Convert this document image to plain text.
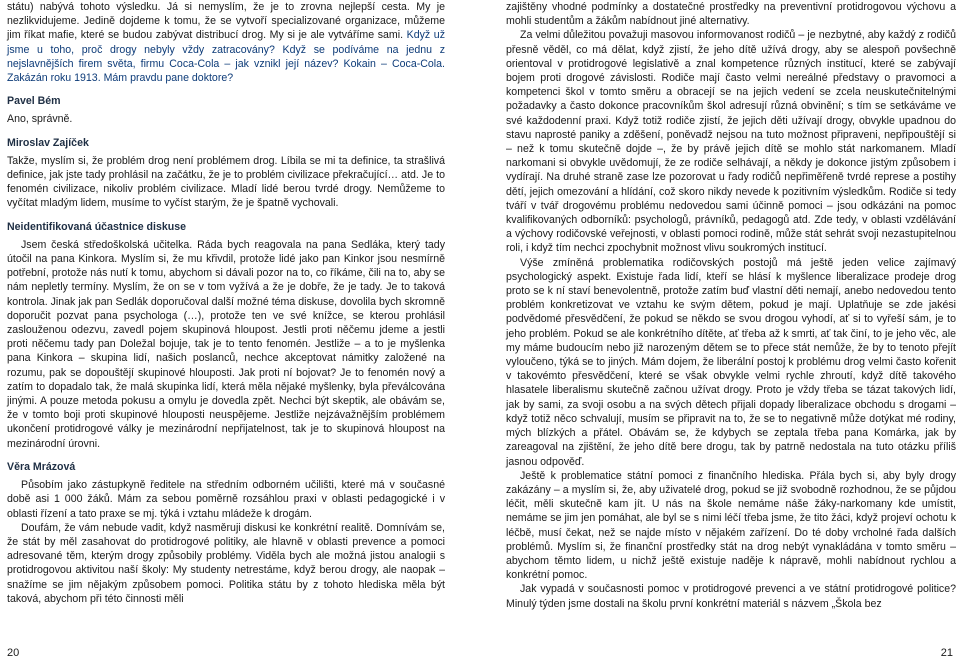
státu) nabývá tohoto výsledku. Já si nemyslím, že je to zrovna nejlepší cesta. My je nezlikvidujeme. Jedině dojdeme k tomu, že se vytvoří specializované organizace, můžeme jim říkat mafie, které se budou zabývat distribucí drog. My si je ale vytváříme sami. Když už jsme u toho, proč drogy nebyly vždy zatracovány? Když se podíváme na jednu z nejslavnějších firem světa, firmu Coca-Cola – jak vznikl její název? Kokain – Coca-Cola. Zakázán roku 1913. Mám pravdu pane doktore?

Pavel Bém

Ano, správně.

Miroslav Zajíček

Takže, myslím si, že problém drog není problémem drog. Líbila se mi ta definice, ta strašlivá definice, jak jste tady prohlásil na začátku, že je to problém civilizace překračující… atd. Je to fenomén civilizace, nikoliv problém civilizace. Mladí lidé berou tvrdé drogy. Nemůžeme to vyčítat mladým lidem, musíme to vyčíst starým, že je špatně vychovali.

Neidentifikovaná účastnice diskuse

Jsem česká středoškolská učitelka. Ráda bych reagovala na pana Sedláka, který tady útočil na pana Kinkora. Myslím si, že mu křivdil, protože lidé jako pan Kinkor jsou nesmírně potřební, protože nás nutí k tomu, abychom si dávali pozor na to, co říkáme, čili na to, aby se nám nepletly termíny. Myslím, že on se v tom vyžívá a že je dobře, že je tady. Je to taková kontrola. Jinak jak pan Sedlák doporučoval další možné téma diskuse, dovolila bych skromně doporučit pozvat pana psychologa (…), protože ten ve své knížce, se kterou prohlásil zaslouženou odezvu, zavedl pojem skupinová hloupost. Jestli proti něčemu jdeme a jestli proti něčemu tady pan Doležal bojuje, tak je to tento fenomén. Jestliže – a to je myšlenka pana Kinkora – skupina lidí, našich poslanců, nechce akceptovat námitky založené na rozumu, pak se dopouštějí skupinové hlouposti. Jak proti ní bojovat? Je to fenomén nový a zatím to dopadalo tak, že malá skupinka lidí, která měla nějaké myšlenky, byla převálcována jinými. A pouze metoda pokusu a omylu je dovedla zpět. Nechci být skeptik, ale obávám se, že v tomto boji proti skupinové hlouposti neuspějeme. Jestliže nejzávažnějším problémem ukončení protidrogové války je mezinárodní nepřijatelnost, tak je to skupinová hloupost na mezinárodní úrovni.

Věra Mrázová

Působím jako zástupkyně ředitele na středním odborném učilišti, které má v současné době asi 1 000 žáků. Mám za sebou poměrně rozsáhlou praxi v oblasti pedagogické i v oblasti řízení a tato praxe se mj. týká i vztahu mládeže k drogám.

Doufám, že vám nebude vadit, když nasměruji diskusi ke konkrétní realitě. Domnívám se, že stát by měl zasahovat do protidrogové politiky, ale hlavně v oblasti prevence a pomoci adresované těm, kterým drogy způsobily problémy. Viděla bych ale možná jistou analogii s protidrogovou aktivitou naší školy: My studenty netrestáme, když berou drogy, ale naopak – snažíme se jim nějakým způsobem pomoci. Politika státu by z tohoto hlediska měla být taková, abychom při této činnosti měli

zajištěny vhodné podmínky a dostatečné prostředky na preventivní protidrogovou výchovu a mohli studentům a žákům nabídnout jiné alternativy.

Za velmi důležitou považuji masovou informovanost rodičů – je nezbytné, aby každý z rodičů přesně věděl, co má dělat, když zjistí, že jeho dítě užívá drogy, aby se alespoň povšechně orientoval v protidrogové legislativě a znal kompetence různých institucí, které se zabývají bojem proti drogové závislosti. Rodiče mají často velmi nereálné představy o pravomoci a kompetenci škol v tomto směru a obracejí se na jejich vedení se zcela neuskutečnitelnými požadavky a často dokonce pracovníkům škol adresují různá obvinění; s tím se setkáváme ve své každodenní praxi. Když totiž rodiče zjistí, že jejich děti užívají drogy, obvykle upadnou do stavu naprosté paniky a zděšení, poněvadž nejsou na tuto možnost připraveni, nepřipouštějí si – než k tomu skutečně dojde –, že by právě jejich dítě se mohlo stát narkomanem. Mladí narkomani si obvykle uvědomují, že ze rodiče selhávají, a někdy je dokonce jistým způsobem i vydírají. Na druhé straně zase lze pozorovat u řady rodičů nepřiměřeně tvrdé represe a postihy dětí, jejich omezování a hlídání, což skoro nikdy nevede k pozitivním výsledkům. Rodiče si tedy tváří v tvář drogovému problému nedovedou sami účinně pomoci – jsou odkázáni na pomoc kvalifikovaných odborníků: psychologů, právníků, pedagogů atd. Zde tedy, v oblasti vzdělávání a výchovy rodičovské veřejnosti, v oblasti pomoci rodině, může stát sehrát svoji nezastupitelnou roli, i když tím nechci zpochybnit možnost vlivu soukromých institucí.

Výše zmíněná problematika rodičovských postojů má ještě jeden velice zajímavý psychologický aspekt. Existuje řada lidí, kteří se hlásí k myšlence liberalizace prodeje drog proto se k ní staví benevolentně, protože zatím buď vlastní děti nemají, anebo nedovedou tento problém konkretizovat ve vztahu ke svým dětem, pokud je mají. Uplatňuje se zde jakési podvědomé přesvědčení, že pokud se někdo se svou drogou vyhodí, ať si to vyřeší sám, je to jeho problém. Pokud se ale konkrétního dítěte, ať třeba až k smrti, ať tak činí, to je jeho věc, ale my máme budoucím nebo již narozeným dětem se to přece stát nemůže, že by to tenoto přejít vyloučeno, týká se to jiných. Mám dojem, že liberální postoj k problému drog velmi často kořenit v takovémto přesvědčení, které se však obvykle velmi rychle zhroutí, když dítě takového hlasatele liberalismu skutečně začnou užívat drogy. Proto je vždy třeba se tázat takových lidí, jak by sami, za svoji osobu a na svých dětech přijali dopady liberalizace obchodu s drogami – když totiž něco schvalují, musím se připravit na to, že se to negativně může dotýkat mé rodiny, mých blízkých a přátel. Obávám se, že kdybych se zeptala třeba pana Komárka, jak by zareagoval na zjištění, že jeho dítě bere drogu, tak by patrně nedostala na tuto otázku příliš jasnou odpověď.

Ještě k problematice státní pomoci z finančního hlediska. Přála bych si, aby byly drogy zakázány – a myslím si, že, aby uživatelé drog, pokud se již svobodně rozhodnou, že se půjdou léčit, měli skutečně kam jít. U nás na škole nemáme náše žáky-narkomany kde umístit, nemáme se jim jen pomáhat, ale byl se s nimi léčí třeba jsme, že tito žáci, když projeví ochotu k léčbě, musí čekat, než se najde místo v nějakém zařízení. Do té doby vrcholné řada dalších problémů. Myslím si, že finanční prostředky stát na drog nebýt vynakládána v tomto směru – abychom těmto lidem, u nichž ještě existuje naděje k nápravě, mohli nabídnout rychlou a konkrétní pomoc.

Jak vypadá v současnosti pomoc v protidrogové prevenci a ve státní protidrogové politice? Minulý týden jsme dostali na školu první konkrétní materiál s názvem „Škola bez

20	21
